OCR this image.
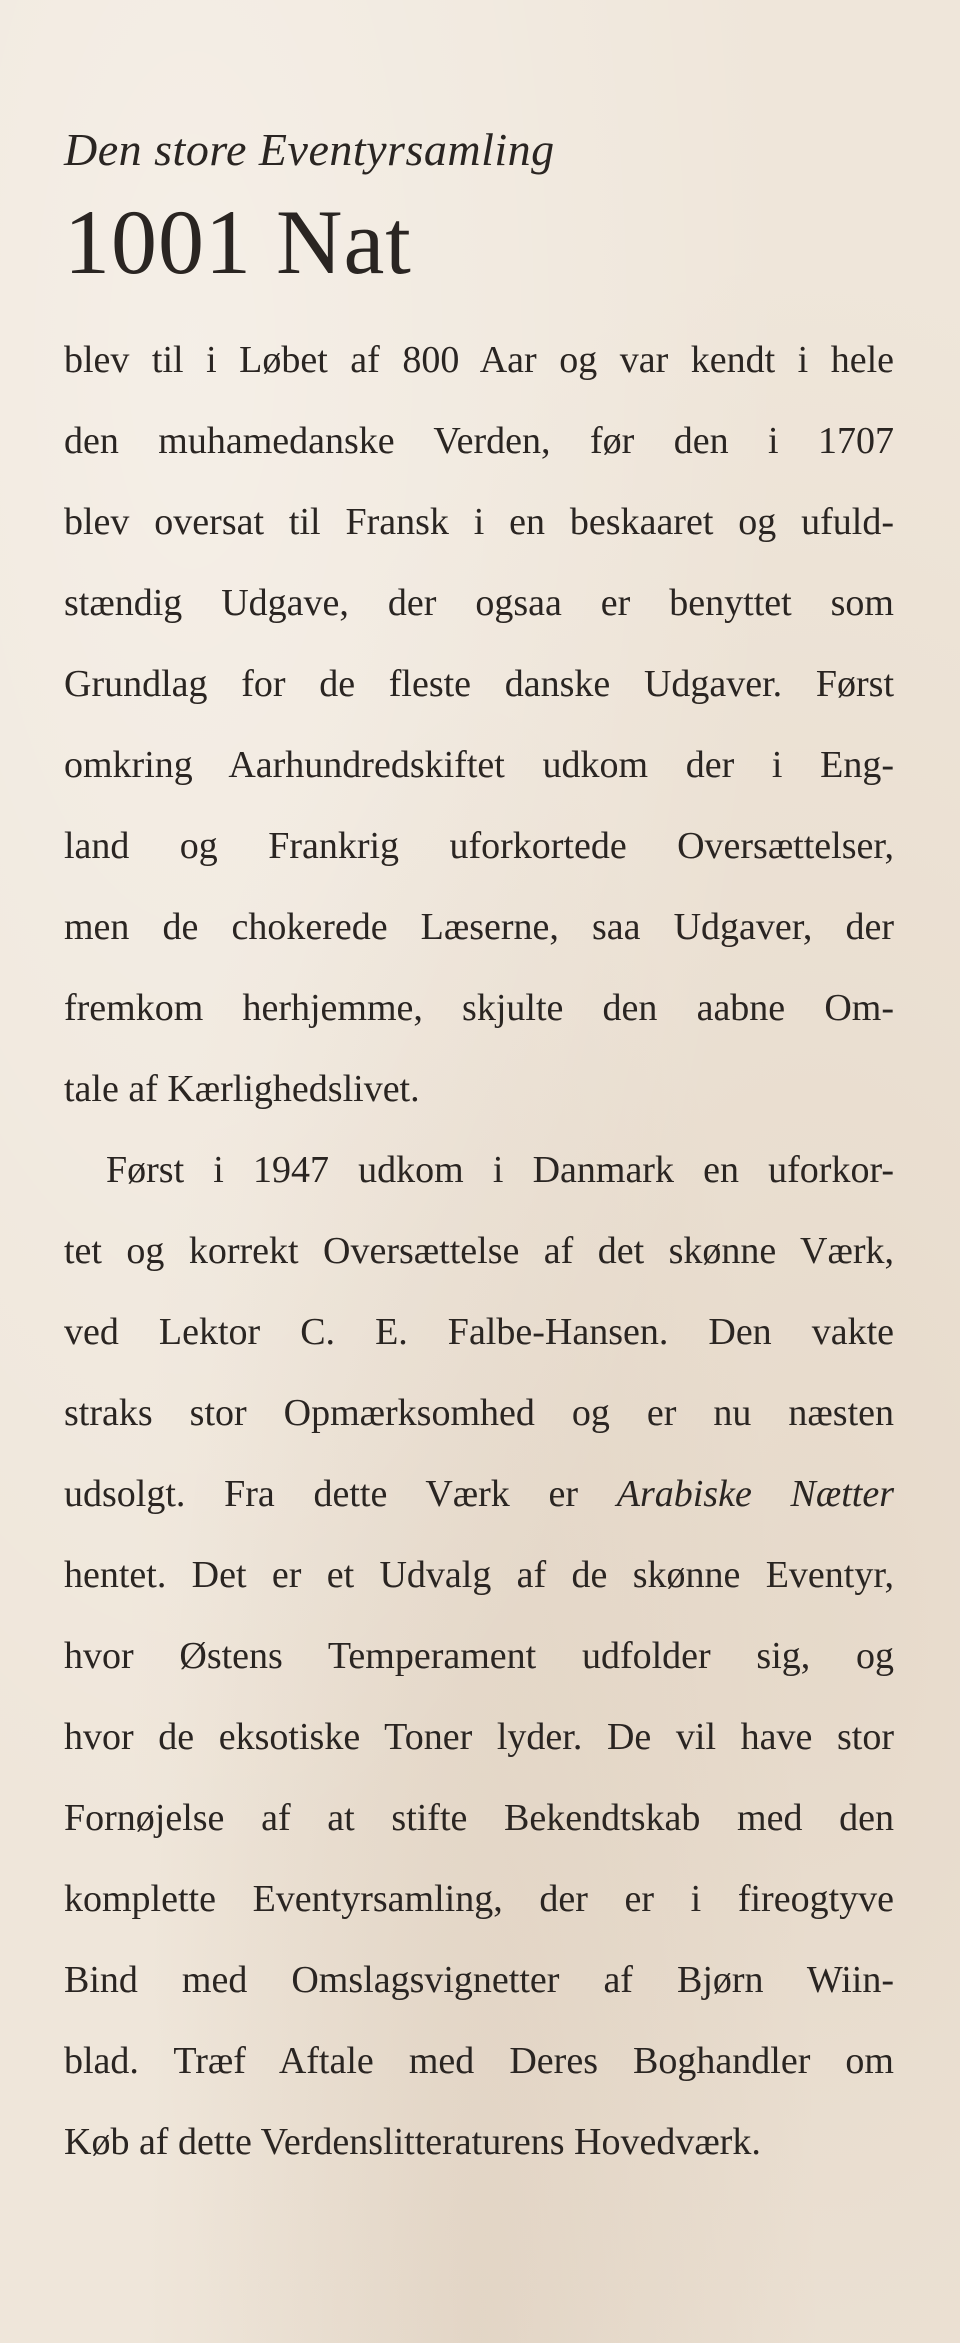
Den store Eventyrsamling
1001 Nat

blev til i Løbet af 800 Aar og var kendt i hele
den muhamedanske Verden, før den i 1707
blev oversat til Fransk i en beskaaret og ufuld-
stændig Udgave, der ogsaa er benyttet som
Grundlag for de fleste danske Udgaver. Først
omkring Aarhundredskiftet udkom der i Eng-
land og Frankrig uforkortede Oversættelser,
men de chokerede Læserne, saa Udgaver, der
fremkom herhjemme, skjulte den aabne Om-
tale af Kærlighedslivet.

Først i 1947 udkom i Danmark en uforkor-
tet og korrekt Oversættelse af det skønne Værk,
ved Lektor C. E. Falbe-Hansen. Den vakte
straks stor Opmærksomhed og er nu næsten
udsolgt. Fra dette Værk er Arabiske Nætter
hentet. Det er et Udvalg af de skønne Eventyr,
hvor Østens Temperament udfolder sig, og
hvor de eksotiske Toner lyder. De vil have stor
Fornøjelse af at stifte Bekendtskab med den
komplette Eventyrsamling, der er i fireogtyve
Bind med Omslagsvignetter af Bjørn Wiin-
blad. Træf Aftale med Deres Boghandler om
Køb af dette Verdenslitteraturens Hovedværk.
